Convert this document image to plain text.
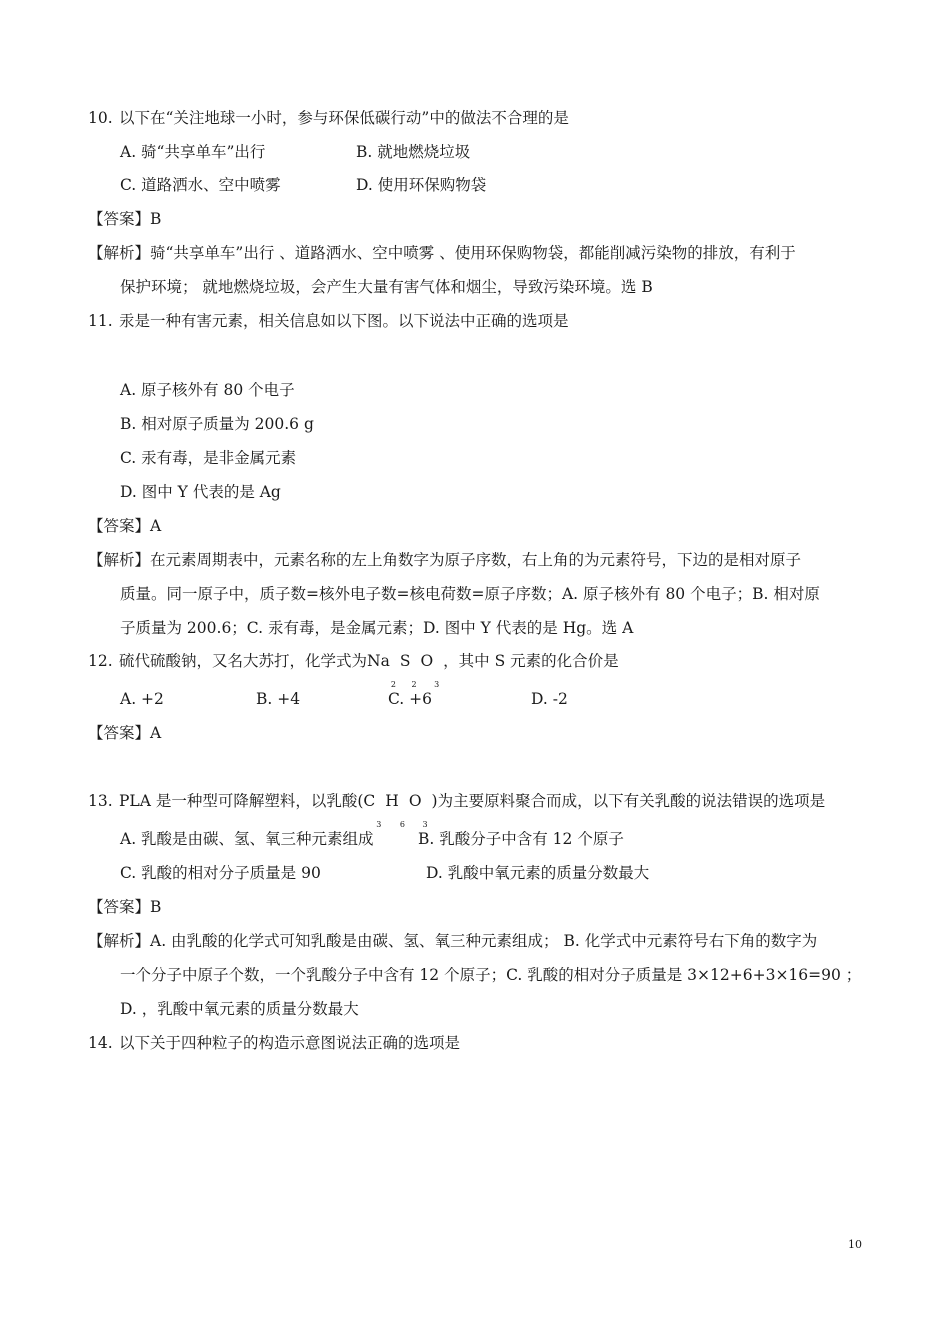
10. 以下在“关注地球一小时，参与环保低碳行动”中的做法不合理的是
A. 骑“共享单车”出行	B. 就地燃烧垃圾
C. 道路洒水、空中喷雾	D. 使用环保购物袋
【答案】B
【解析】骑“共享单车”出行 、道路洒水、空中喷雾 、使用环保购物袋，都能削减污染物的排放，有利于
保护环境； 就地燃烧垃圾，会产生大量有害气体和烟尘，导致污染环境。选 B
11. 汞是一种有害元素，相关信息如以下图。以下说法中正确的选项是
A. 原子核外有 80 个电子
B. 相对原子质量为 200.6 g
C. 汞有毒，是非金属元素
D. 图中 Y 代表的是 Ag
【答案】A
【解析】在元素周期表中，元素名称的左上角数字为原子序数，右上角的为元素符号，下边的是相对原子
质量。同一原子中，质子数=核外电子数=核电荷数=原子序数；A. 原子核外有 80 个电子；B. 相对原
子质量为 200.6；C. 汞有毒，是金属元素；D. 图中 Y 代表的是 Hg。选 A
12. 硫代硫酸钠，又名大苏打，化学式为Na
2
S
2
O
3
，其中 S 元素的化合价是
A. +2	B. +4	C. +6	D. -2
【答案】A
13. PLA 是一种型可降解塑料，以乳酸(C
3
H
6
O
3
)为主要原料聚合而成，以下有关乳酸的说法错误的选项是
A. 乳酸是由碳、氢、氧三种元素组成	B. 乳酸分子中含有 12 个原子
C. 乳酸的相对分子质量是 90	D. 乳酸中氧元素的质量分数最大
【答案】B
【解析】A. 由乳酸的化学式可知乳酸是由碳、氢、氧三种元素组成； B. 化学式中元素符号右下角的数字为
一个分子中原子个数，一个乳酸分子中含有 12 个原子；C. 乳酸的相对分子质量是 3×12+6+3×16=90 ；
D. ，乳酸中氧元素的质量分数最大
14. 以下关于四种粒子的构造示意图说法正确的选项是
10
